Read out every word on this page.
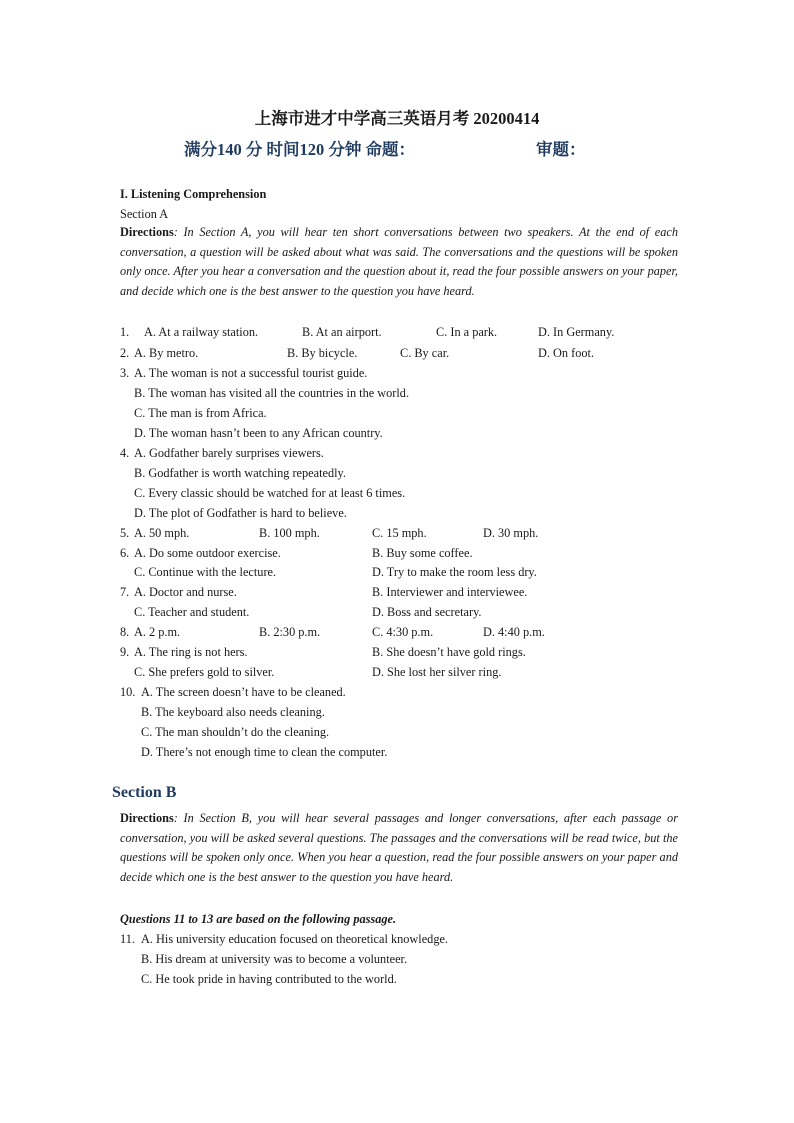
上海市进才中学高三英语月考 20200414
满分140 分 时间120 分钟 命题：	审题：
I. Listening Comprehension
Section A
Directions: In Section A, you will hear ten short conversations between two speakers. At the end of each conversation, a question will be asked about what was said. The conversations and the questions will be spoken only once. After you hear a conversation and the question about it, read the four possible answers on your paper, and decide which one is the best answer to the question you have heard.
1. A. At a railway station.	B. At an airport.	C. In a park.	D. In Germany.
2. A. By metro.	B. By bicycle.	C. By car.	D. On foot.
3. A. The woman is not a successful tourist guide.
B. The woman has visited all the countries in the world.
C. The man is from Africa.
D. The woman hasn’t been to any African country.
4. A. Godfather barely surprises viewers.
B. Godfather is worth watching repeatedly.
C. Every classic should be watched for at least 6 times.
D. The plot of Godfather is hard to believe.
5. A. 50 mph.	B. 100 mph.	C. 15 mph.	D. 30 mph.
6. A. Do some outdoor exercise.	B. Buy some coffee.
C. Continue with the lecture.	D. Try to make the room less dry.
7. A. Doctor and nurse.	B. Interviewer and interviewee.
C. Teacher and student.	D. Boss and secretary.
8. A. 2 p.m.	B. 2:30 p.m.	C. 4:30 p.m.	D. 4:40 p.m.
9. A. The ring is not hers.	B. She doesn’t have gold rings.
C. She prefers gold to silver.	D. She lost her silver ring.
10. A. The screen doesn’t have to be cleaned.
B. The keyboard also needs cleaning.
C. The man shouldn’t do the cleaning.
D. There’s not enough time to clean the computer.
Section B
Directions: In Section B, you will hear several passages and longer conversations, after each passage or conversation, you will be asked several questions. The passages and the conversations will be read twice, but the questions will be spoken only once. When you hear a question, read the four possible answers on your paper and decide which one is the best answer to the question you have heard.
Questions 11 to 13 are based on the following passage.
11. A. His university education focused on theoretical knowledge.
B. His dream at university was to become a volunteer.
C. He took pride in having contributed to the world.
